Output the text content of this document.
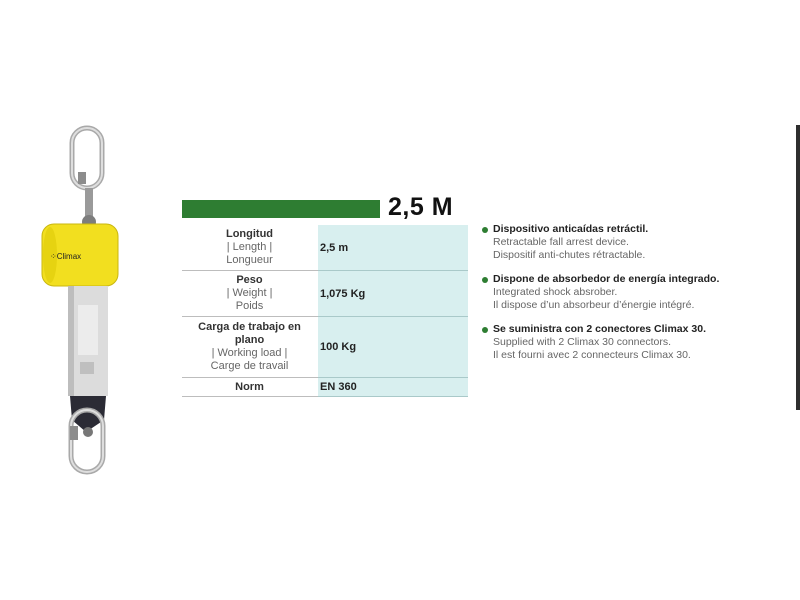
⁘Climax
2,5 M
Longitud
| Length |
Longueur	2,5 m

Peso
| Weight |
Poids	1,075 Kg

Carga de trabajo en plano
| Working load |
Carge de travail	100 Kg

Norm	EN 360
Dispositivo anticaídas retráctil.
Retractable fall arrest device.
Dispositif anti-chutes rétractable.
Dispone de absorbedor de energía integrado.
Integrated shock absrober.
Il dispose d’un absorbeur d’énergie intégré.
Se suministra con 2 conectores Climax 30.
Supplied with 2 Climax 30 connectors.
Il est fourni avec 2 connecteurs Climax 30.
